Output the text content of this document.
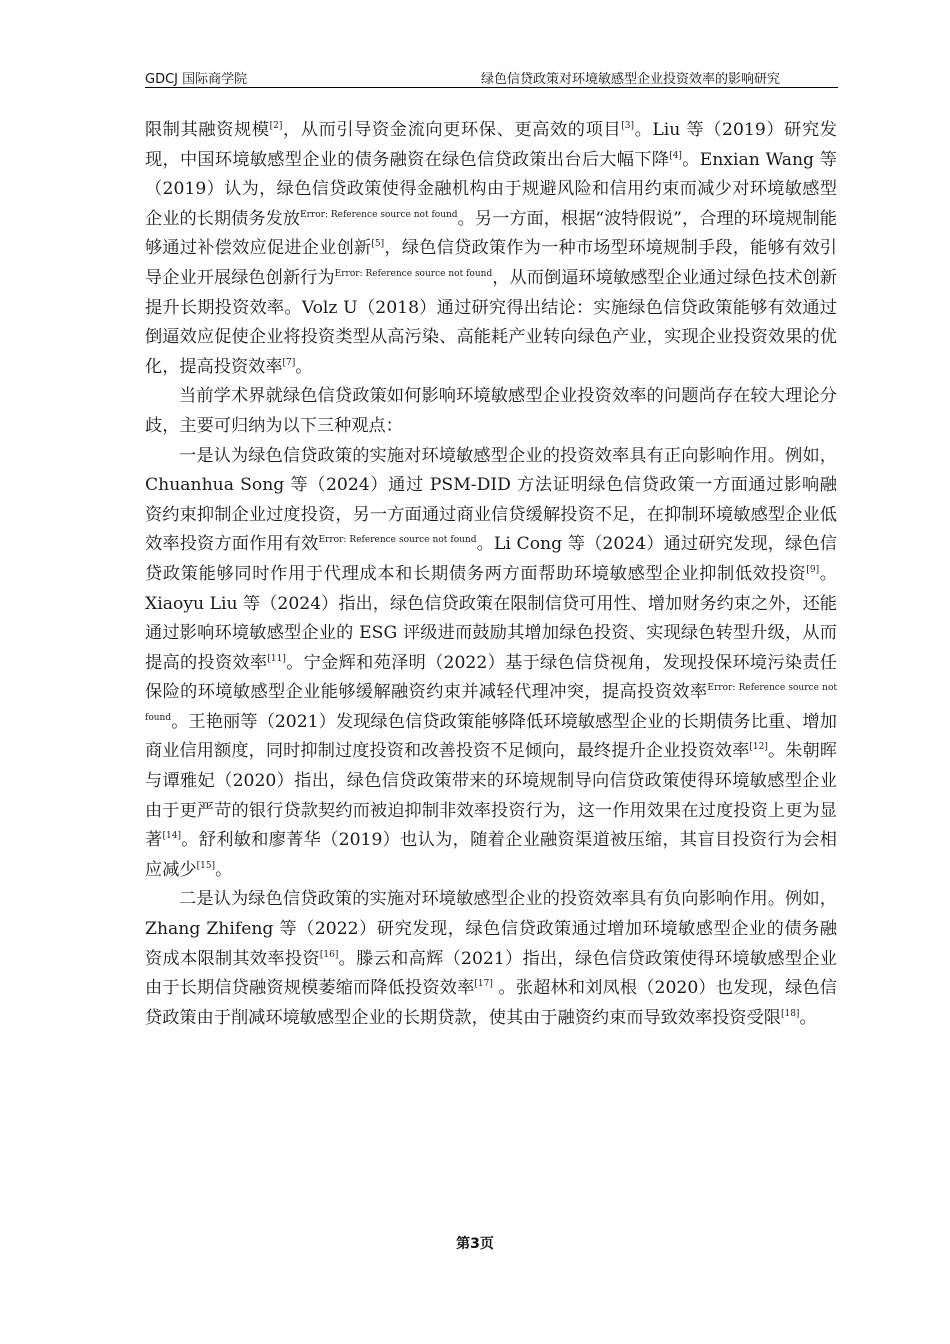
GDCJ 国际商学院	绿色信贷政策对环境敏感型企业投资效率的影响研究

限制其融资规模[2]，从而引导资金流向更环保、更高效的项目[3]。Liu 等（2019）研究发现，中国环境敏感型企业的债务融资在绿色信贷政策出台后大幅下降[4]。Enxian Wang 等（2019）认为，绿色信贷政策使得金融机构由于规避风险和信用约束而减少对环境敏感型企业的长期债务发放$^{Error: Reference source not found}$。另一方面，根据“波特假说”，合理的环境规制能够通过补偿效应促进企业创新[5]，绿色信贷政策作为一种市场型环境规制手段，能够有效引导企业开展绿色创新行为$^{Error: Reference source not found}$，从而倒逼环境敏感型企业通过绿色技术创新提升长期投资效率。Volz U（2018）通过研究得出结论：实施绿色信贷政策能够有效通过倒逼效应促使企业将投资类型从高污染、高能耗产业转向绿色产业，实现企业投资效果的优化，提高投资效率[7]。

当前学术界就绿色信贷政策如何影响环境敏感型企业投资效率的问题尚存在较大理论分歧，主要可归纳为以下三种观点：

一是认为绿色信贷政策的实施对环境敏感型企业的投资效率具有正向影响作用。例如，Chuanhua Song 等（2024）通过 PSM-DID 方法证明绿色信贷政策一方面通过影响融资约束抑制企业过度投资，另一方面通过商业信贷缓解投资不足，在抑制环境敏感型企业低效率投资方面作用有效$^{Error: Reference source not found}$。Li Cong 等（2024）通过研究发现，绿色信贷政策能够同时作用于代理成本和长期债务两方面帮助环境敏感型企业抑制低效投资[9]。Xiaoyu Liu 等（2024）指出，绿色信贷政策在限制信贷可用性、增加财务约束之外，还能通过影响环境敏感型企业的 ESG 评级进而鼓励其增加绿色投资、实现绿色转型升级，从而提高的投资效率[11]。宁金辉和苑泽明（2022）基于绿色信贷视角，发现投保环境污染责任保险的环境敏感型企业能够缓解融资约束并减轻代理冲突，提高投资效率$^{Error: Reference source not found}$。王艳丽等（2021）发现绿色信贷政策能够降低环境敏感型企业的长期债务比重、增加商业信用额度，同时抑制过度投资和改善投资不足倾向，最终提升企业投资效率[12]。朱朝晖与谭雅妃（2020）指出，绿色信贷政策带来的环境规制导向信贷政策使得环境敏感型企业由于更严苛的银行贷款契约而被迫抑制非效率投资行为，这一作用效果在过度投资上更为显著[14]。舒利敏和廖菁华（2019）也认为，随着企业融资渠道被压缩，其盲目投资行为会相应减少[15]。

二是认为绿色信贷政策的实施对环境敏感型企业的投资效率具有负向影响作用。例如，Zhang Zhifeng 等（2022）研究发现，绿色信贷政策通过增加环境敏感型企业的债务融资成本限制其效率投资[16]。滕云和高辉（2021）指出，绿色信贷政策使得环境敏感型企业由于长期信贷融资规模萎缩而降低投资效率[17] 。张超林和刘凤根（2020）也发现，绿色信贷政策由于削减环境敏感型企业的长期贷款，使其由于融资约束而导致效率投资受限[18]。

第3页
